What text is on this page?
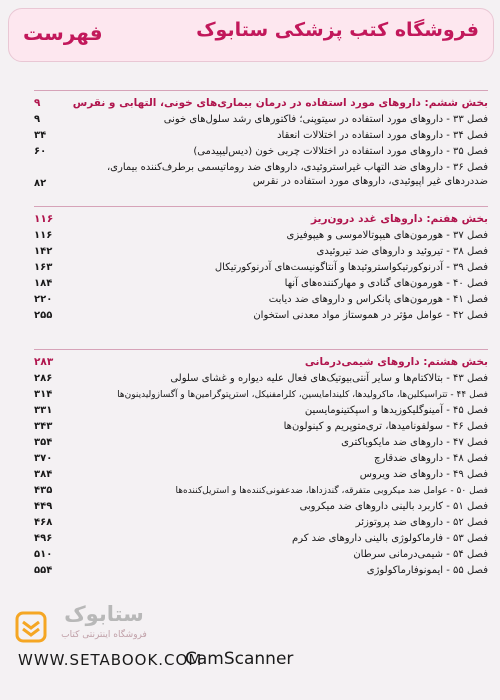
فروشگاه کتب پزشکی ستابوک
فهرست
بخش ششم: داروهای مورد استفاده در درمان بیماری‌های خونی، التهابی و نقرس
۹
فصل ۳۳ - داروهای مورد استفاده در سیتوپنی؛ فاکتورهای رشد سلول‌های خونی
۹
فصل ۳۴ - داروهای مورد استفاده در اختلالات انعقاد
۳۴
فصل ۳۵ - داروهای مورد استفاده در اختلالات چربی خون (دیس‌لیپیدمی)
۶۰
فصل ۳۶ - داروهای ضد التهاب غیراستروئیدی، داروهای ضد روماتیسمی برطرف‌کننده بیماری، ضددردهای غیر اپیوئیدی، داروهای مورد استفاده در نقرس
۸۲
بخش هفتم: داروهای غدد درون‌ریز
۱۱۶
فصل ۳۷ - هورمون‌های هیپوتالاموسی و هیپوفیزی
۱۱۶
فصل ۳۸ - تیروئید و داروهای ضد تیروئیدی
۱۴۲
فصل ۳۹ - آدرنوکورتیکواستروئیدها و آنتاگونیست‌های آدرنوکورتیکال
۱۶۳
فصل ۴۰ - هورمون‌های گنادی و مهارکننده‌های آنها
۱۸۴
فصل ۴۱ - هورمون‌های پانکراس و داروهای ضد دیابت
۲۲۰
فصل ۴۲ - عوامل مؤثر در هموستاز مواد معدنی استخوان
۲۵۵
بخش هشتم: داروهای شیمی‌درمانی
۲۸۳
فصل ۴۳ - بتالاکتام‌ها و سایر آنتی‌بیوتیک‌های فعال علیه دیواره و غشای سلولی
۲۸۶
فصل ۴۴ - تتراسیکلین‌ها، ماکرولیدها، کلیندامایسین، کلرامفنیکل، استرپتوگرامین‌ها و آگسازولیدینون‌ها
۳۱۴
فصل ۴۵ - آمینوگلیکوزیدها و اسپکتینومایسین
۳۳۱
فصل ۴۶ - سولفونامیدها، تری‌متوپریم و کینولون‌ها
۳۴۳
فصل ۴۷ - داروهای ضد مایکوباکتری
۳۵۴
فصل ۴۸ - داروهای ضدقارچ
۳۷۰
فصل ۴۹ - داروهای ضد ویروس
۳۸۴
فصل ۵۰ - عوامل ضد میکروبی متفرقه، گندزداها، ضدعفونی‌کننده‌ها و استریل‌کننده‌ها
۴۳۵
فصل ۵۱ - کاربرد بالینی داروهای ضد میکروبی
۴۴۹
فصل ۵۲ - داروهای ضد پروتوزئر
۴۶۸
فصل ۵۳ - فارماکولوژی بالینی داروهای ضد کرم
۴۹۶
فصل ۵۴ - شیمی‌درمانی سرطان
۵۱۰
فصل ۵۵ - ایمونوفارماکولوژی
۵۵۴
ستابوک
فروشگاه اینترنتی کتاب
WWW.SETABOOK.COM
CamScanner
